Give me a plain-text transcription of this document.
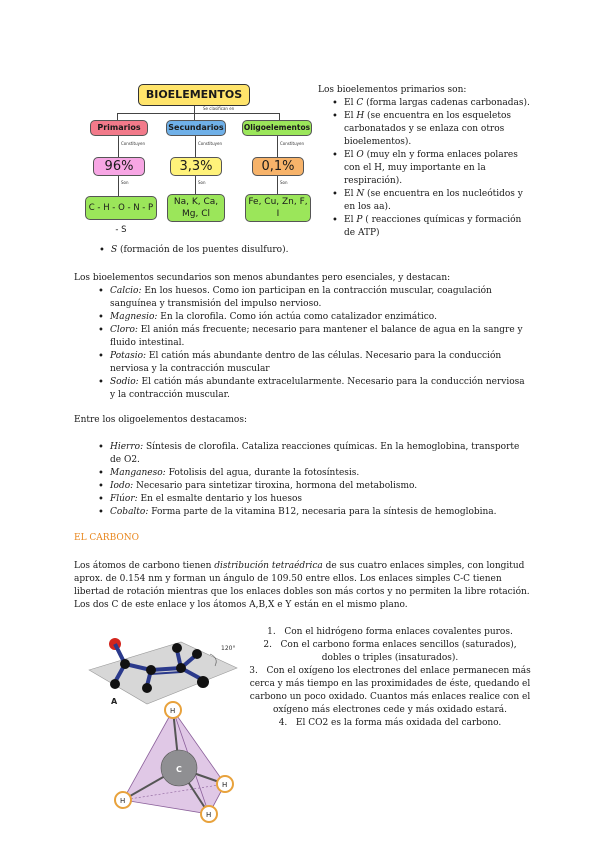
BIOELEMENTOS
Se clasifican en
Primarios	Secundarios	Oligoelementos
Constituyen	Constituyen	Constituyen
96%	3,3%	0,1%
Son	Son	Son
C - H - O - N - P - S
Na, K, Ca, Mg, Cl
Fe, Cu, Zn, F, I
Los bioelementos primarios son:
• El C (forma largas cadenas carbonadas).
• El H (se encuentra en los esqueletos carbonatados y se enlaza con otros bioelementos).
• El O (muy eln y forma enlaces polares con el H, muy importante en la respiración).
• El N (se encuentra en los nucleótidos y en los aa).
• El P ( reacciones químicas y formación de ATP)
• S (formación de los puentes disulfuro).
Los bioelementos secundarios son menos abundantes pero esenciales, y destacan:
• Calcio: En los huesos. Como ion participan en la contracción muscular, coagulación sanguínea y transmisión del impulso nervioso.
• Magnesio: En la clorofila. Como ión actúa como catalizador enzimático.
• Cloro: El anión más frecuente; necesario para mantener el balance de agua en la sangre y fluido intestinal.
• Potasio: El catión más abundante dentro de las células. Necesario para la conducción nerviosa y la contracción muscular
• Sodio: El catión más abundante extracelularmente. Necesario para la conducción nerviosa y la contracción muscular.
Entre los oligoelementos destacamos:
• Hierro: Síntesis de clorofila. Cataliza reacciones químicas. En la hemoglobina, transporte de O2.
• Manganeso: Fotolisis del agua, durante la fotosíntesis.
• Iodo: Necesario para sintetizar tiroxina, hormona del metabolismo.
• Flúor: En el esmalte dentario y los huesos
• Cobalto: Forma parte de la vitamina B12, necesaria para la síntesis de hemoglobina.
EL CARBONO
Los átomos de carbono tienen distribución tetraédrica de sus cuatro enlaces simples, con longitud aprox. de 0.154 nm y forman un ángulo de 109.50 entre ellos. Los enlaces simples C-C tienen libertad de rotación mientras que los enlaces dobles son más cortos y no permiten la libre rotación. Los dos C de este enlace y los átomos A,B,X e Y están en el mismo plano.
120°
A
C
H
H
H
H
1. Con el hidrógeno forma enlaces covalentes puros.
2. Con el carbono forma enlaces sencillos (saturados), dobles o triples (insaturados).
3. Con el oxígeno los electrones del enlace permanecen más cerca y más tiempo en las proximidades de éste, quedando el carbono un poco oxidado. Cuantos más enlaces realice con el oxígeno más electrones cede y más oxidado estará.
4. El CO2 es la forma más oxidada del carbono.
